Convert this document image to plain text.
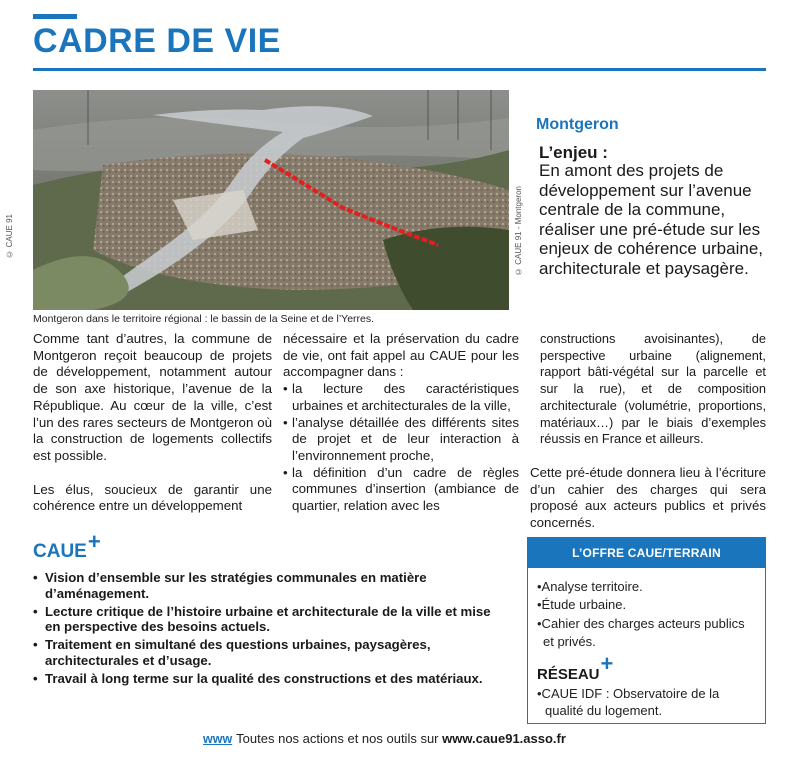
CADRE DE VIE
© CAUE 91	© CAUE 91 - Montgeron
Montgeron dans le territoire régional : le bassin de la Seine et de l’Yerres.
Montgeron
L’enjeu :
En amont des projets de développement sur l’avenue centrale de la commune, réaliser une pré-étude sur les enjeux de cohérence urbaine, architecturale et paysagère.

Comme tant d’autres, la commune de Montgeron reçoit beaucoup de projets de développement, notamment autour de son axe historique, l’avenue de la République. Au cœur de la ville, c’est l’un des rares secteurs de Montgeron où la construction de logements collectifs est possible.

Les élus, soucieux de garantir une cohérence entre un développement

nécessaire et la préservation du cadre de vie, ont fait appel au CAUE pour les accompagner dans :

• la lecture des caractéristiques urbaines et architecturales de la ville,
• l’analyse détaillée des différents sites de projet et de leur interaction à l’environnement proche,
• la définition d’un cadre de règles communes d’insertion (ambiance de quartier, relation avec les

constructions avoisinantes), de perspective urbaine (alignement, rapport bâti-végétal sur la parcelle et sur la rue), et de composition architecturale (volumétrie, proportions, matériaux…) par le biais d’exemples réussis en France et ailleurs.

Cette pré-étude donnera lieu à l’écriture d’un cahier des charges qui sera proposé aux acteurs publics et privés concernés.

CAUE+
• Vision d’ensemble sur les stratégies communales en matière d’aménagement.
• Lecture critique de l’histoire urbaine et architecturale de la ville et mise en perspective des besoins actuels.
• Traitement en simultané des questions urbaines, paysagères, architecturales et d’usage.
• Travail à long terme sur la qualité des constructions et des matériaux.
L’OFFRE CAUE/TERRAIN
•Analyse territoire.
•Étude urbaine.
•Cahier des charges acteurs publics et privés.
RÉSEAU+
•CAUE IDF : Observatoire de la qualité du logement.
www Toutes nos actions et nos outils sur www.caue91.asso.fr
